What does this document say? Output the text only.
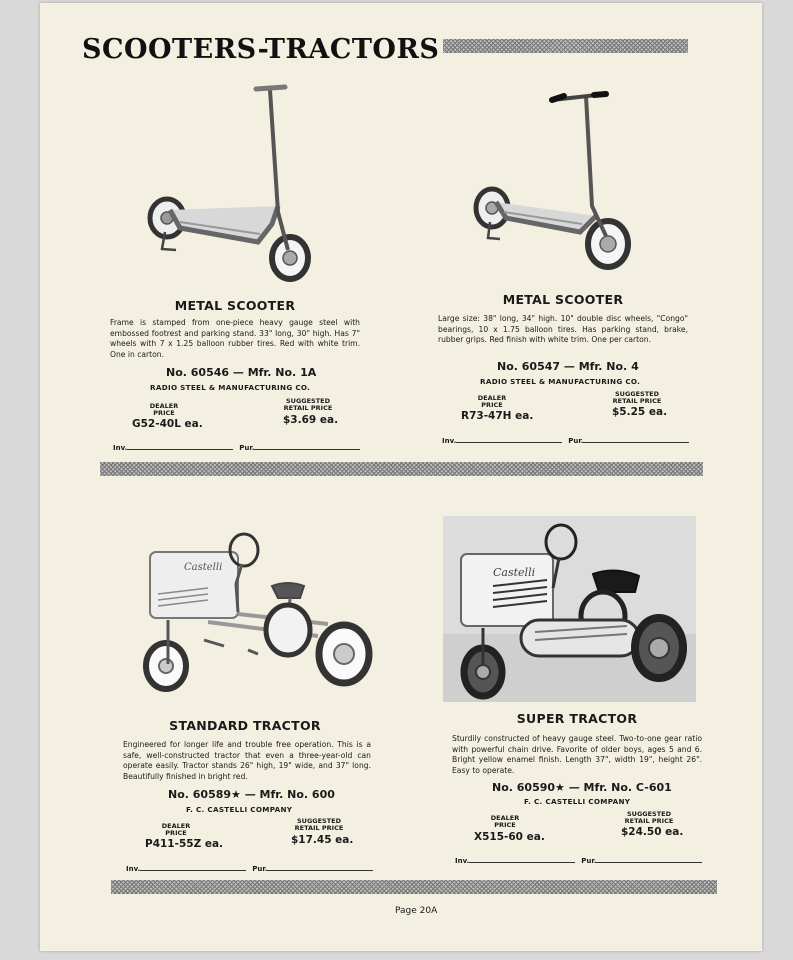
SCOOTERS-TRACTORS
METAL SCOOTER
Frame is stamped from one-piece heavy gauge steel with embossed footrest and parking stand. 33" long, 30" high. Has 7" wheels with 7 x 1.25 balloon rubber tires. Red with white trim. One in carton.
No. 60546 — Mfr. No. 1A
RADIO STEEL & MANUFACTURING CO.
DEALER PRICE
SUGGESTED RETAIL PRICE
G52-40L ea.	$3.69 ea.
Inv.	Pur.
METAL SCOOTER
Large size: 38" long, 34" high. 10" double disc wheels, "Congo" bearings, 10 x 1.75 balloon tires. Has parking stand, brake, rubber grips. Red finish with white trim. One per carton.
No. 60547 — Mfr. No. 4
RADIO STEEL & MANUFACTURING CO.
DEALER PRICE
SUGGESTED RETAIL PRICE
R73-47H ea.	$5.25 ea.
Inv.	Pur.
Castelli
STANDARD TRACTOR
Engineered for longer life and trouble free operation. This is a safe, well-constructed tractor that even a three-year-old can operate easily. Tractor stands 26" high, 19" wide, and 37" long. Beautifully finished in bright red.
No. 60589★ — Mfr. No. 600
F. C. CASTELLI COMPANY
DEALER PRICE
SUGGESTED RETAIL PRICE
P411-55Z ea.	$17.45 ea.
Inv.	Pur.
Castelli
SUPER TRACTOR
Sturdily constructed of heavy gauge steel. Two-to-one gear ratio with powerful chain drive. Favorite of older boys, ages 5 and 6. Bright yellow enamel finish. Length 37", width 19", height 26". Easy to operate.
No. 60590★ — Mfr. No. C-601
F. C. CASTELLI COMPANY
DEALER PRICE
SUGGESTED RETAIL PRICE
X515-60 ea.	$24.50 ea.
Inv.	Pur.
Page 20A
